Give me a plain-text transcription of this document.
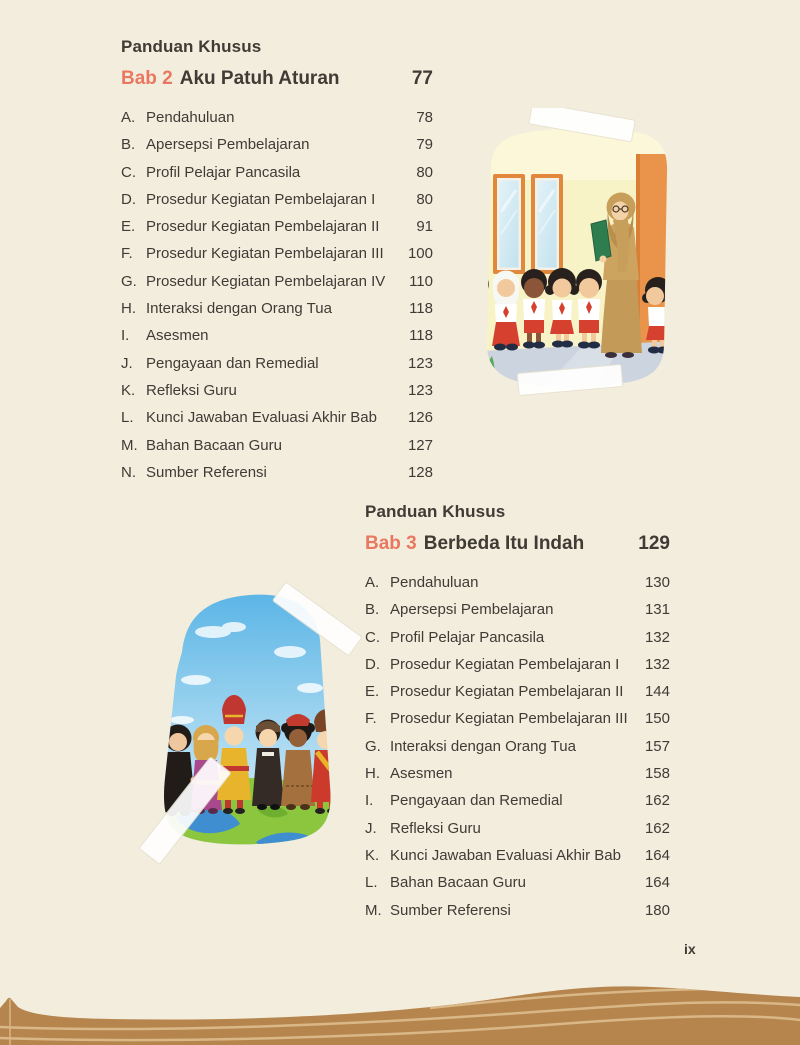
Panduan Khusus
Bab 2 Aku Patuh Aturan	77
A. Pendahuluan	78
B. Apersepsi Pembelajaran	79
C. Profil Pelajar Pancasila	80
D. Prosedur Kegiatan Pembelajaran I	80
E. Prosedur Kegiatan Pembelajaran II	91
F. Prosedur Kegiatan Pembelajaran III	100
G. Prosedur Kegiatan Pembelajaran IV	110
H. Interaksi dengan Orang Tua	118
I.	Asesmen	118
J. Pengayaan dan Remedial	123
K. Refleksi Guru	123
L. Kunci Jawaban Evaluasi Akhir Bab	126
M. Bahan Bacaan Guru	127
N. Sumber Referensi	128
Panduan Khusus
Bab 3 Berbeda Itu Indah	129
A. Pendahuluan	130
B. Apersepsi Pembelajaran	131
C. Profil Pelajar Pancasila	132
D. Prosedur Kegiatan Pembelajaran I	132
E. Prosedur Kegiatan Pembelajaran II	144
F. Prosedur Kegiatan Pembelajaran III	150
G. Interaksi dengan Orang Tua	157
H. Asesmen	158
I.	Pengayaan dan Remedial	162
J. Refleksi Guru	162
K. Kunci Jawaban Evaluasi Akhir Bab	164
L. Bahan Bacaan Guru	164
M. Sumber Referensi	180
ix
